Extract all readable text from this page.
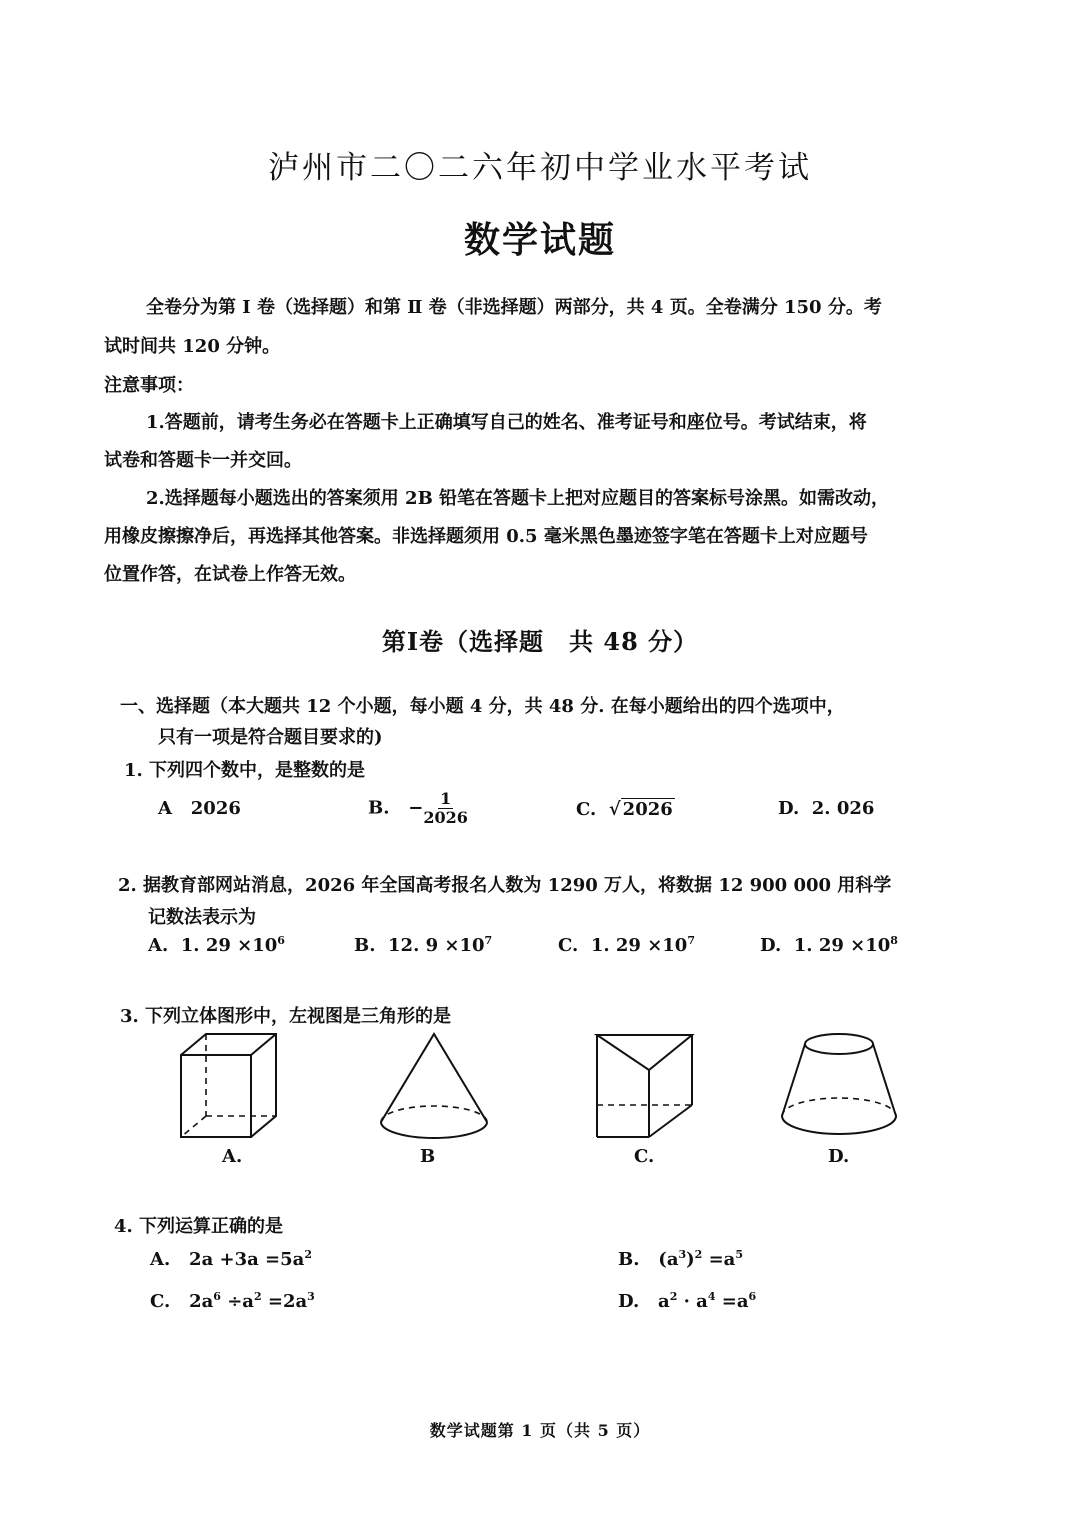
泸州市二〇二六年初中学业水平考试
数学试题
全卷分为第 Ⅰ 卷（选择题）和第 Ⅱ 卷（非选择题）两部分，共 4 页。全卷满分 150 分。考
试时间共 120 分钟。
注意事项：
1.答题前，请考生务必在答题卡上正确填写自己的姓名、准考证号和座位号。考试结束，将
试卷和答题卡一并交回。
2.选择题每小题选出的答案须用 2B 铅笔在答题卡上把对应题目的答案标号涂黑。如需改动，
用橡皮擦擦净后，再选择其他答案。非选择题须用 0.5 毫米黑色墨迹签字笔在答题卡上对应题号
位置作答，在试卷上作答无效。
第Ⅰ卷（选择题　共 48 分）
一、选择题（本大题共 12 个小题，每小题 4 分，共 48 分. 在每小题给出的四个选项中，
只有一项是符合题目要求的)
1. 下列四个数中，是整数的是
A 2026	B. − $\frac{1}{2026}$	C. √ 2026	D. 2. 026
2. 据教育部网站消息，2026 年全国高考报名人数为 1290 万人，将数据 12 900 000 用科学
记数法表示为
A. 1. $29 \times 10^6$	B. 12. $9 \times 10^7$	C. 1. $29 \times 10^7$	D. 1. $29 \times 10^8$
3. 下列立体图形中，左视图是三角形的是
A.	B	C.	D.
4. 下列运算正确的是
A. $2a +3a =5a^2$	B. $(a^3)^2 =a^5$
C. $2a^6 \div a^2 =2a^3$	D. $a^2 \cdot a^4 =a^6$
数学试题第 1 页（共 5 页）
